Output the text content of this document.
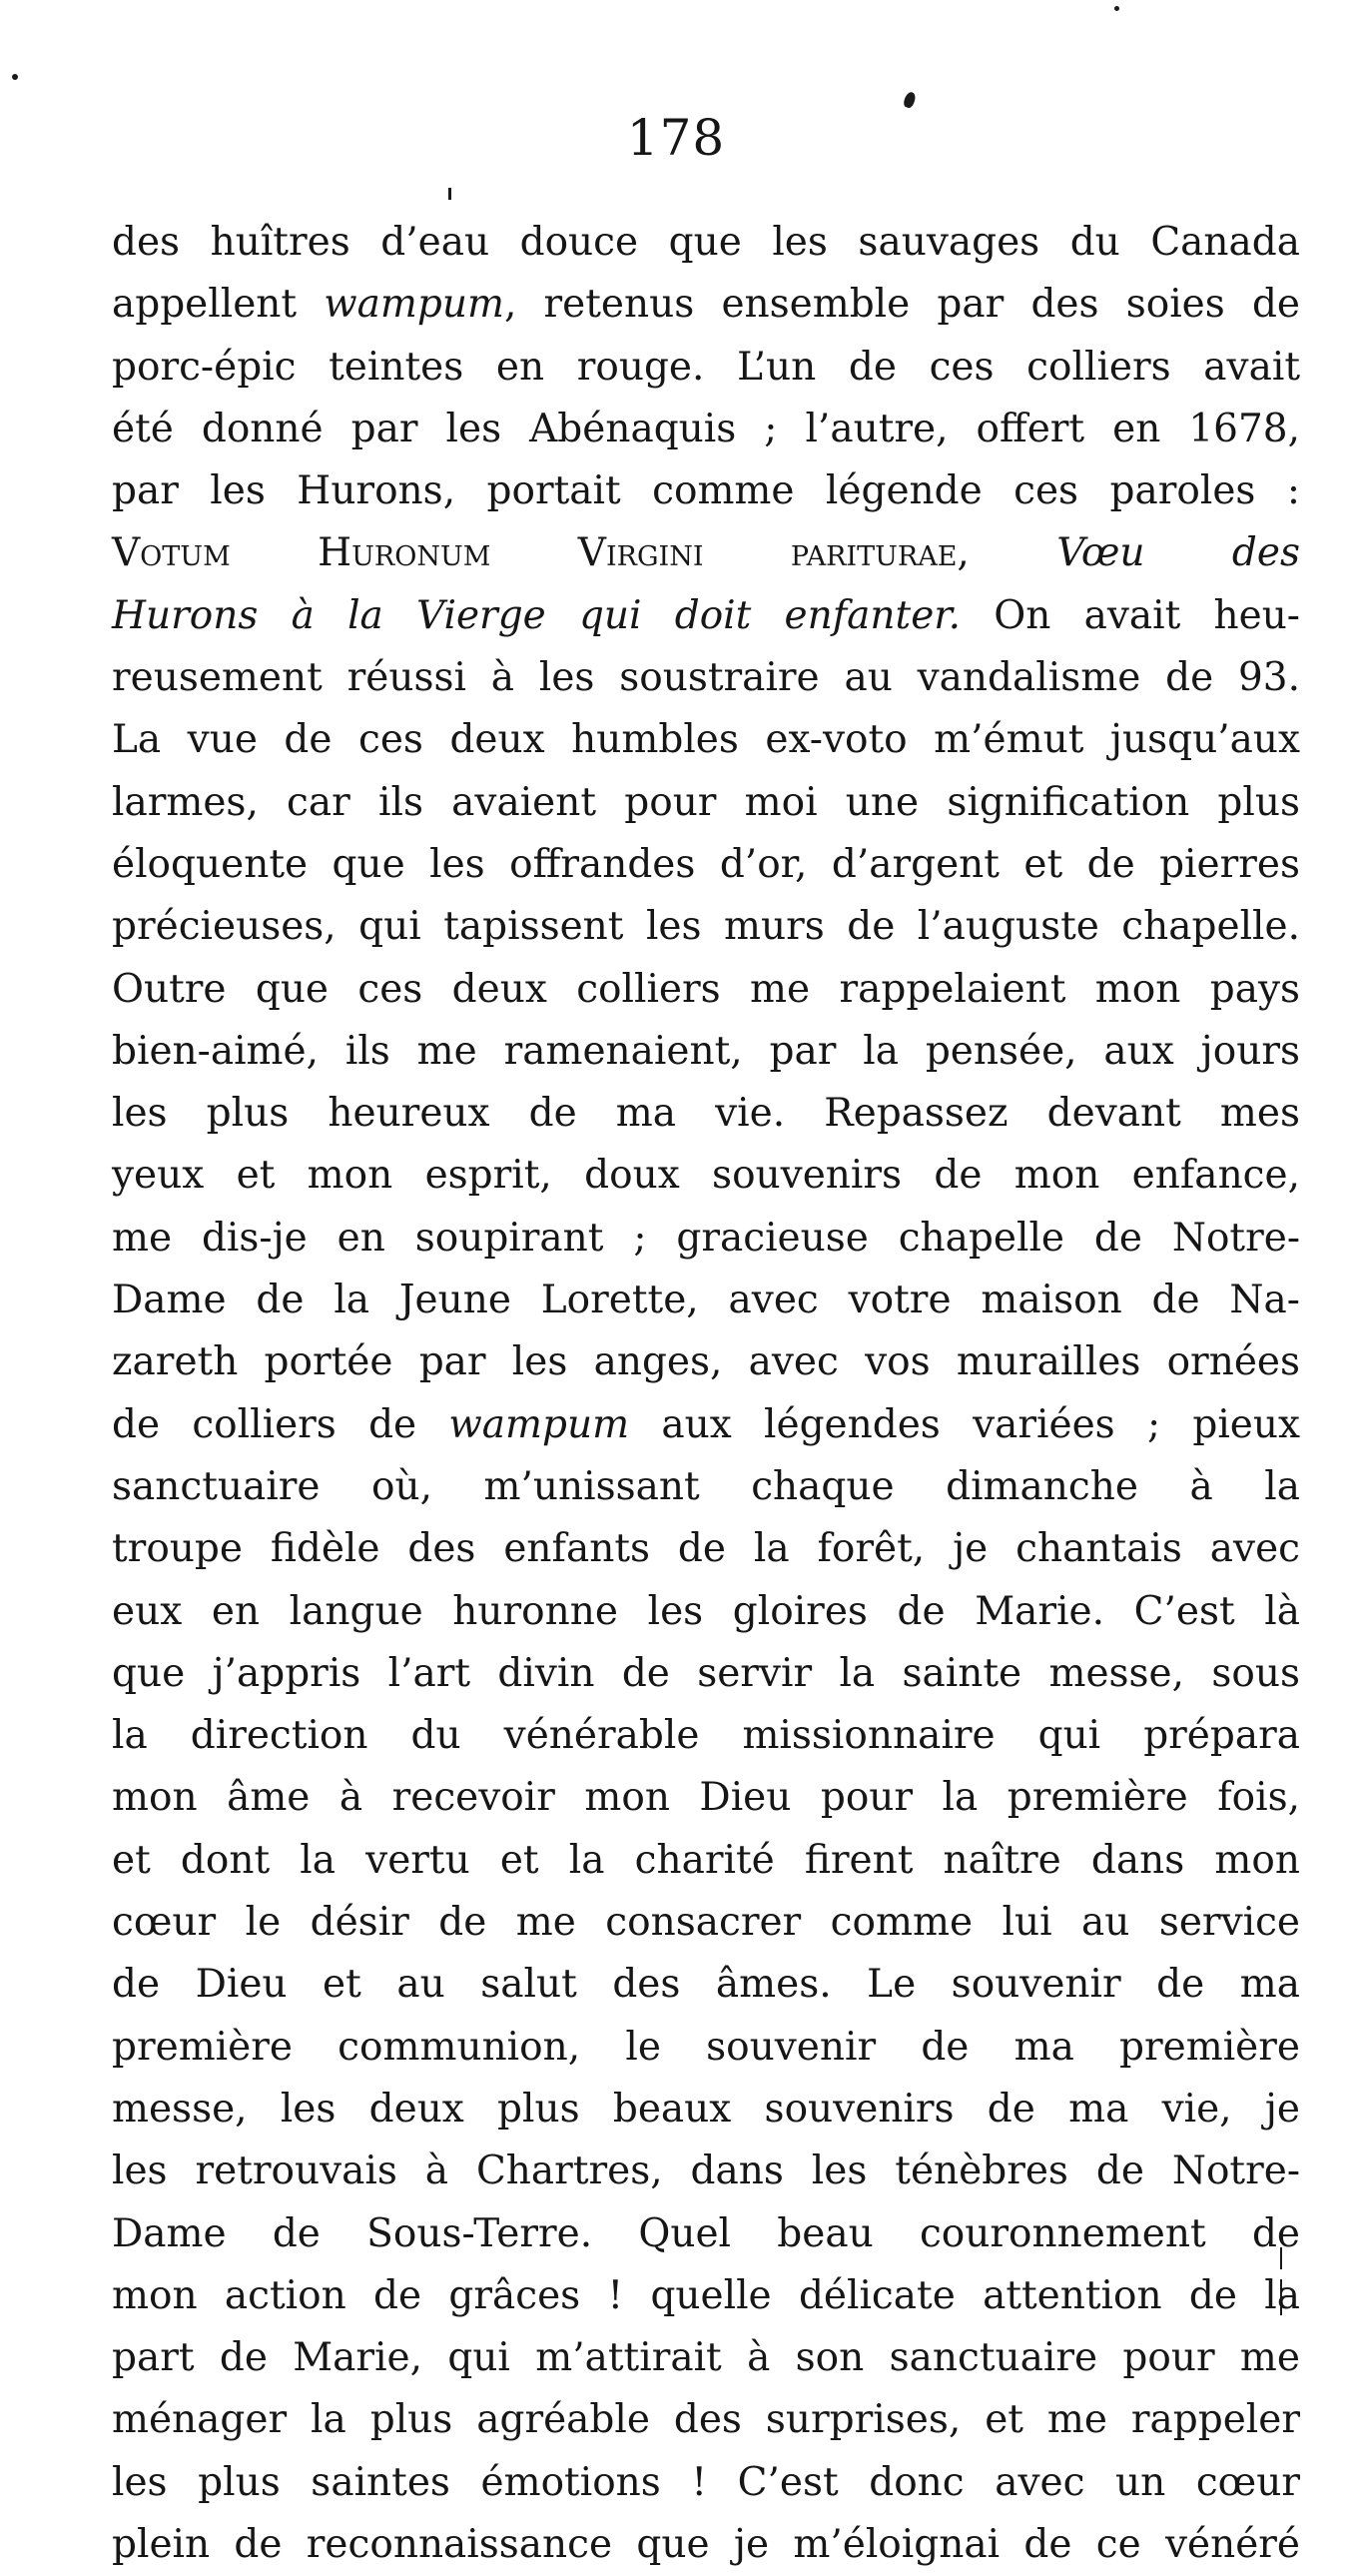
178
des huîtres d’eau douce que les sauvages du Canada
appellent wampum, retenus ensemble par des soies de
porc-épic teintes en rouge. L’un de ces colliers avait
été donné par les Abénaquis ; l’autre, offert en 1678,
par les Hurons, portait comme légende ces paroles :
Votum Huronum Virgini pariturae, Vœu des
Hurons à la Vierge qui doit enfanter. On avait heu-
reusement réussi à les soustraire au vandalisme de 93.
La vue de ces deux humbles ex-voto m’émut jusqu’aux
larmes, car ils avaient pour moi une signification plus
éloquente que les offrandes d’or, d’argent et de pierres
précieuses, qui tapissent les murs de l’auguste chapelle.
Outre que ces deux colliers me rappelaient mon pays
bien-aimé, ils me ramenaient, par la pensée, aux jours
les plus heureux de ma vie. Repassez devant mes
yeux et mon esprit, doux souvenirs de mon enfance,
me dis-je en soupirant ; gracieuse chapelle de Notre-
Dame de la Jeune Lorette, avec votre maison de Na-
zareth portée par les anges, avec vos murailles ornées
de colliers de wampum aux légendes variées ; pieux
sanctuaire où, m’unissant chaque dimanche à la
troupe fidèle des enfants de la forêt, je chantais avec
eux en langue huronne les gloires de Marie. C’est là
que j’appris l’art divin de servir la sainte messe, sous
la direction du vénérable missionnaire qui prépara
mon âme à recevoir mon Dieu pour la première fois,
et dont la vertu et la charité firent naître dans mon
cœur le désir de me consacrer comme lui au service
de Dieu et au salut des âmes. Le souvenir de ma
première communion, le souvenir de ma première
messe, les deux plus beaux souvenirs de ma vie, je
les retrouvais à Chartres, dans les ténèbres de Notre-
Dame de Sous-Terre. Quel beau couronnement de
mon action de grâces ! quelle délicate attention de la
part de Marie, qui m’attirait à son sanctuaire pour me
ménager la plus agréable des surprises, et me rappeler
les plus saintes émotions ! C’est donc avec un cœur
plein de reconnaissance que je m’éloignai de ce vénéré
